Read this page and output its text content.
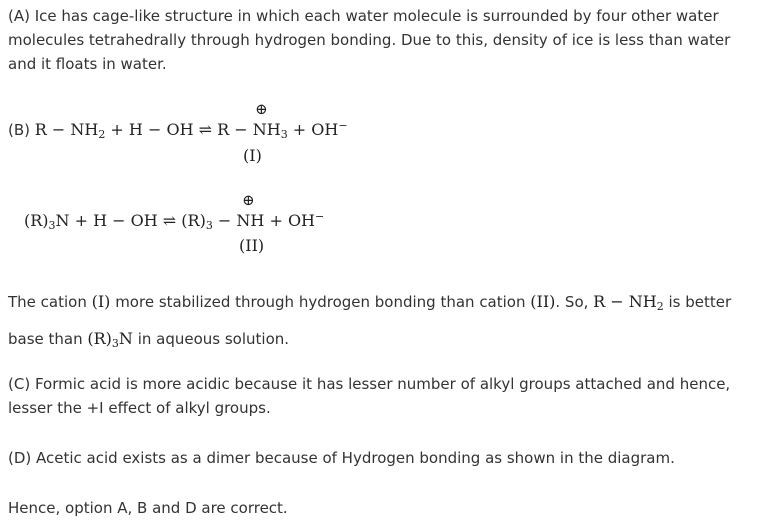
(A) Ice has cage-like structure in which each water molecule is surrounded by four other water molecules tetrahedrally through hydrogen bonding. Due to this, density of ice is less than water and it floats in water.
(B) $R - NH_2 + H$ − OH ⇌ $R - NH_3 + OH^-$
⊕
(I)
$(R)_3N + H$ − OH ⇌ $(R)_3$ − NH + OH−
⊕
(II)
The cation (I) more stabilized through hydrogen bonding than cation (II). So, $R - NH_2$ is better base than $(R)_3N$ in aqueous solution.
(C) Formic acid is more acidic because it has lesser number of alkyl groups attached and hence, lesser the +I effect of alkyl groups.
(D) Acetic acid exists as a dimer because of Hydrogen bonding as shown in the diagram.
Hence, option A, B and D are correct.
